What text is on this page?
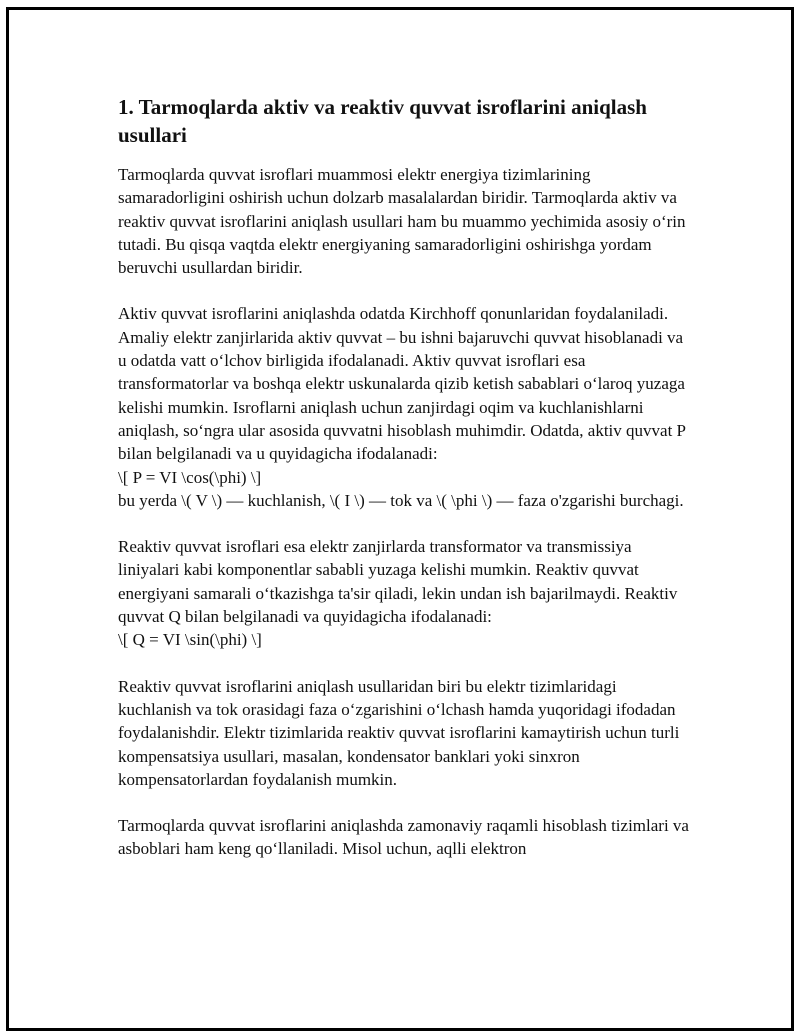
1. Tarmoqlarda aktiv va reaktiv quvvat isroflarini aniqlash usullari

Tarmoqlarda quvvat isroflari muammosi elektr energiya tizimlarining samaradorligini oshirish uchun dolzarb masalalardan biridir. Tarmoqlarda aktiv va reaktiv quvvat isroflarini aniqlash usullari ham bu muammo yechimida asosiy oʻrin tutadi. Bu qisqa vaqtda elektr energiyaning samaradorligini oshirishga yordam beruvchi usullardan biridir.

Aktiv quvvat isroflarini aniqlashda odatda Kirchhoff qonunlaridan foydalaniladi. Amaliy elektr zanjirlarida aktiv quvvat – bu ishni bajaruvchi quvvat hisoblanadi va u odatda vatt oʻlchov birligida ifodalanadi. Aktiv quvvat isroflari esa transformatorlar va boshqa elektr uskunalarda qizib ketish sabablari oʻlaroq yuzaga kelishi mumkin. Isroflarni aniqlash uchun zanjirdagi oqim va kuchlanishlarni aniqlash, soʻngra ular asosida quvvatni hisoblash muhimdir. Odatda, aktiv quvvat P bilan belgilanadi va u quyidagicha ifodalanadi:
\[ P = VI \cos(\phi) \]
bu yerda \( V \) — kuchlanish, \( I \) — tok va \( \phi \) — faza o'zgarishi burchagi.

Reaktiv quvvat isroflari esa elektr zanjirlarda transformator va transmissiya liniyalari kabi komponentlar sababli yuzaga kelishi mumkin. Reaktiv quvvat energiyani samarali oʻtkazishga ta'sir qiladi, lekin undan ish bajarilmaydi. Reaktiv quvvat Q bilan belgilanadi va quyidagicha ifodalanadi:
\[ Q = VI \sin(\phi) \]

Reaktiv quvvat isroflarini aniqlash usullaridan biri bu elektr tizimlaridagi kuchlanish va tok orasidagi faza oʻzgarishini oʻlchash hamda yuqoridagi ifodadan foydalanishdir. Elektr tizimlarida reaktiv quvvat isroflarini kamaytirish uchun turli kompensatsiya usullari, masalan, kondensator banklari yoki sinxron kompensatorlardan foydalanish mumkin.

Tarmoqlarda quvvat isroflarini aniqlashda zamonaviy raqamli hisoblash tizimlari va asboblari ham keng qoʻllaniladi. Misol uchun, aqlli elektron
